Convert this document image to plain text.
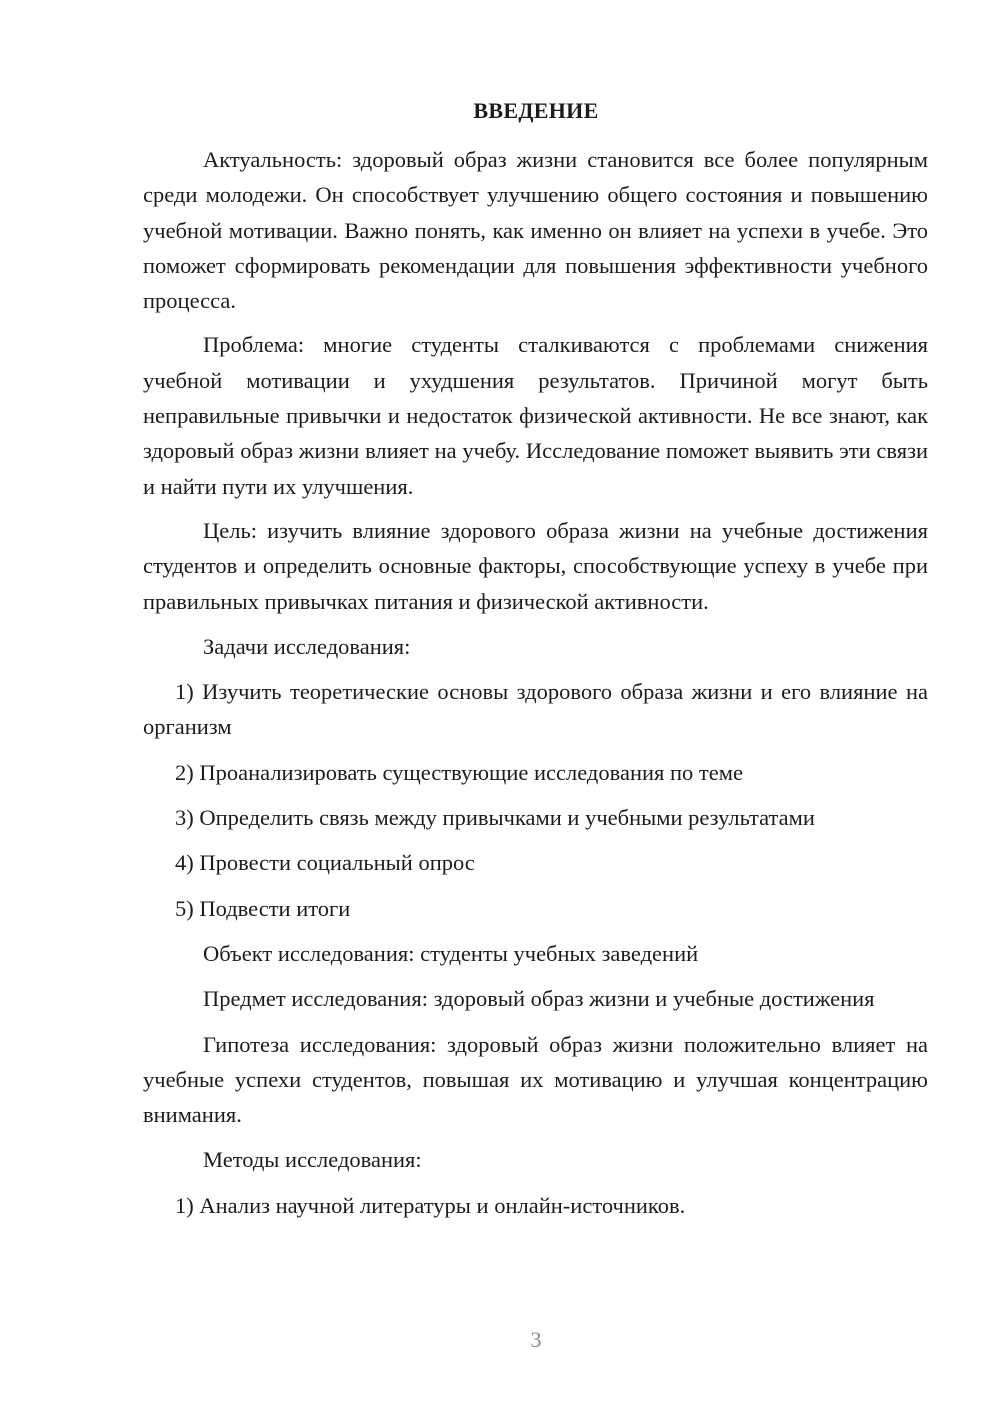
ВВЕДЕНИЕ

Актуальность: здоровый образ жизни становится все более популярным среди молодежи. Он способствует улучшению общего состояния и повышению учебной мотивации. Важно понять, как именно он влияет на успехи в учебе. Это поможет сформировать рекомендации для повышения эффективности учебного процесса.

Проблема: многие студенты сталкиваются с проблемами снижения учебной мотивации и ухудшения результатов. Причиной могут быть неправильные привычки и недостаток физической активности. Не все знают, как здоровый образ жизни влияет на учебу. Исследование поможет выявить эти связи и найти пути их улучшения.

Цель: изучить влияние здорового образа жизни на учебные достижения студентов и определить основные факторы, способствующие успеху в учебе при правильных привычках питания и физической активности.

Задачи исследования:

1) Изучить теоретические основы здорового образа жизни и его влияние на организм

2) Проанализировать существующие исследования по теме

3) Определить связь между привычками и учебными результатами

4) Провести социальный опрос

5) Подвести итоги

Объект исследования: студенты учебных заведений

Предмет исследования: здоровый образ жизни и учебные достижения

Гипотеза исследования: здоровый образ жизни положительно влияет на учебные успехи студентов, повышая их мотивацию и улучшая концентрацию внимания.

Методы исследования:

1) Анализ научной литературы и онлайн-источников.

3
